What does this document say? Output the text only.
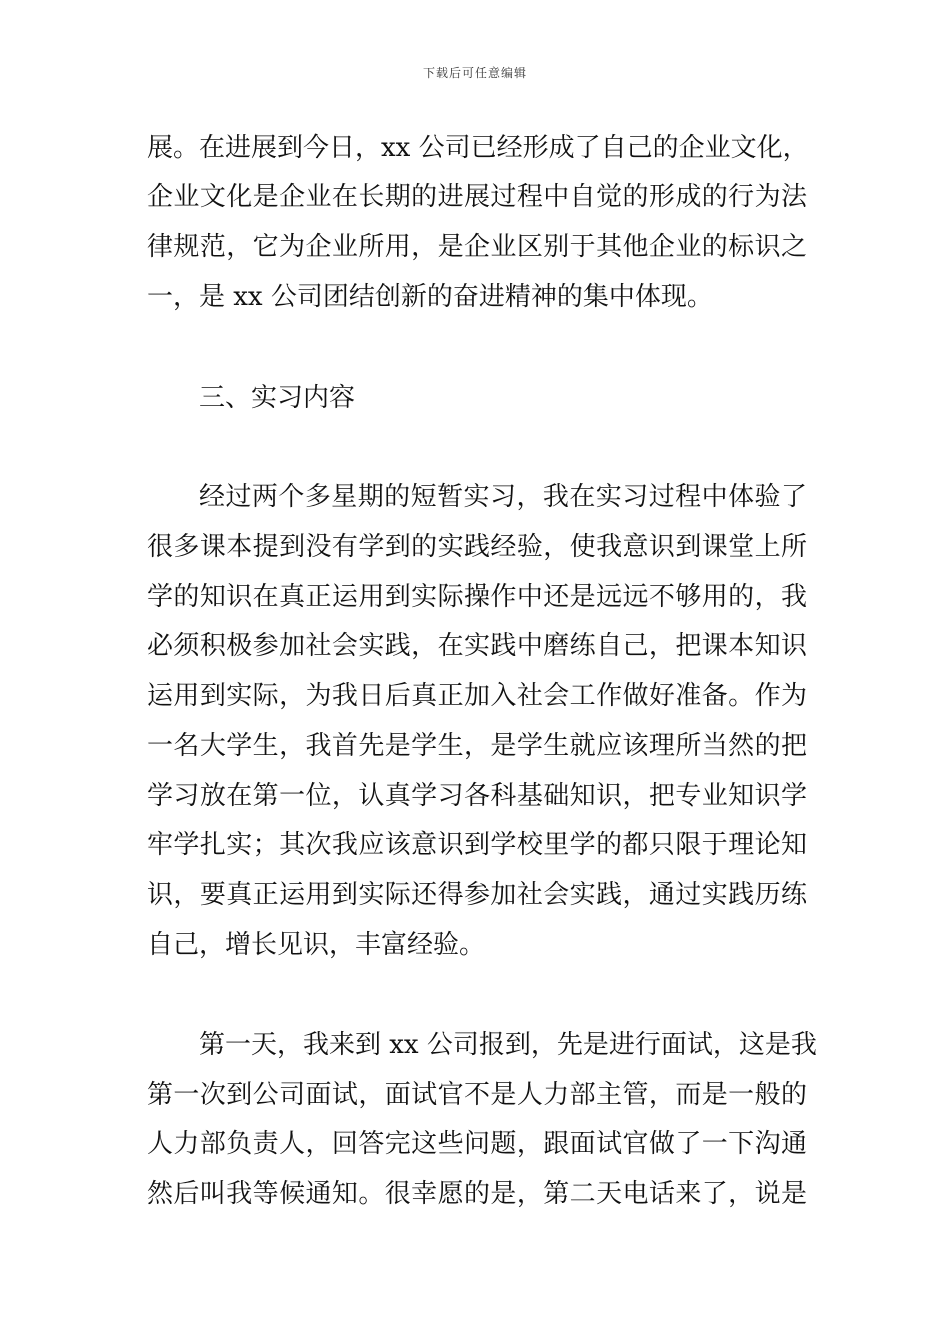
下载后可任意编辑
展。在进展到今日，xx 公司已经形成了自己的企业文化，
企业文化是企业在长期的进展过程中自觉的形成的行为法
律规范，它为企业所用，是企业区别于其他企业的标识之
一，是 xx 公司团结创新的奋进精神的集中体现。
三、实习内容
经过两个多星期的短暂实习，我在实习过程中体验了
很多课本提到没有学到的实践经验，使我意识到课堂上所
学的知识在真正运用到实际操作中还是远远不够用的，我
必须积极参加社会实践，在实践中磨练自己，把课本知识
运用到实际，为我日后真正加入社会工作做好准备。作为
一名大学生，我首先是学生，是学生就应该理所当然的把
学习放在第一位，认真学习各科基础知识，把专业知识学
牢学扎实；其次我应该意识到学校里学的都只限于理论知
识，要真正运用到实际还得参加社会实践，通过实践历练
自己，增长见识，丰富经验。
第一天，我来到 xx 公司报到，先是进行面试，这是我
第一次到公司面试，面试官不是人力部主管，而是一般的
人力部负责人，回答完这些问题，跟面试官做了一下沟通
然后叫我等候通知。很幸愿的是，第二天电话来了，说是
